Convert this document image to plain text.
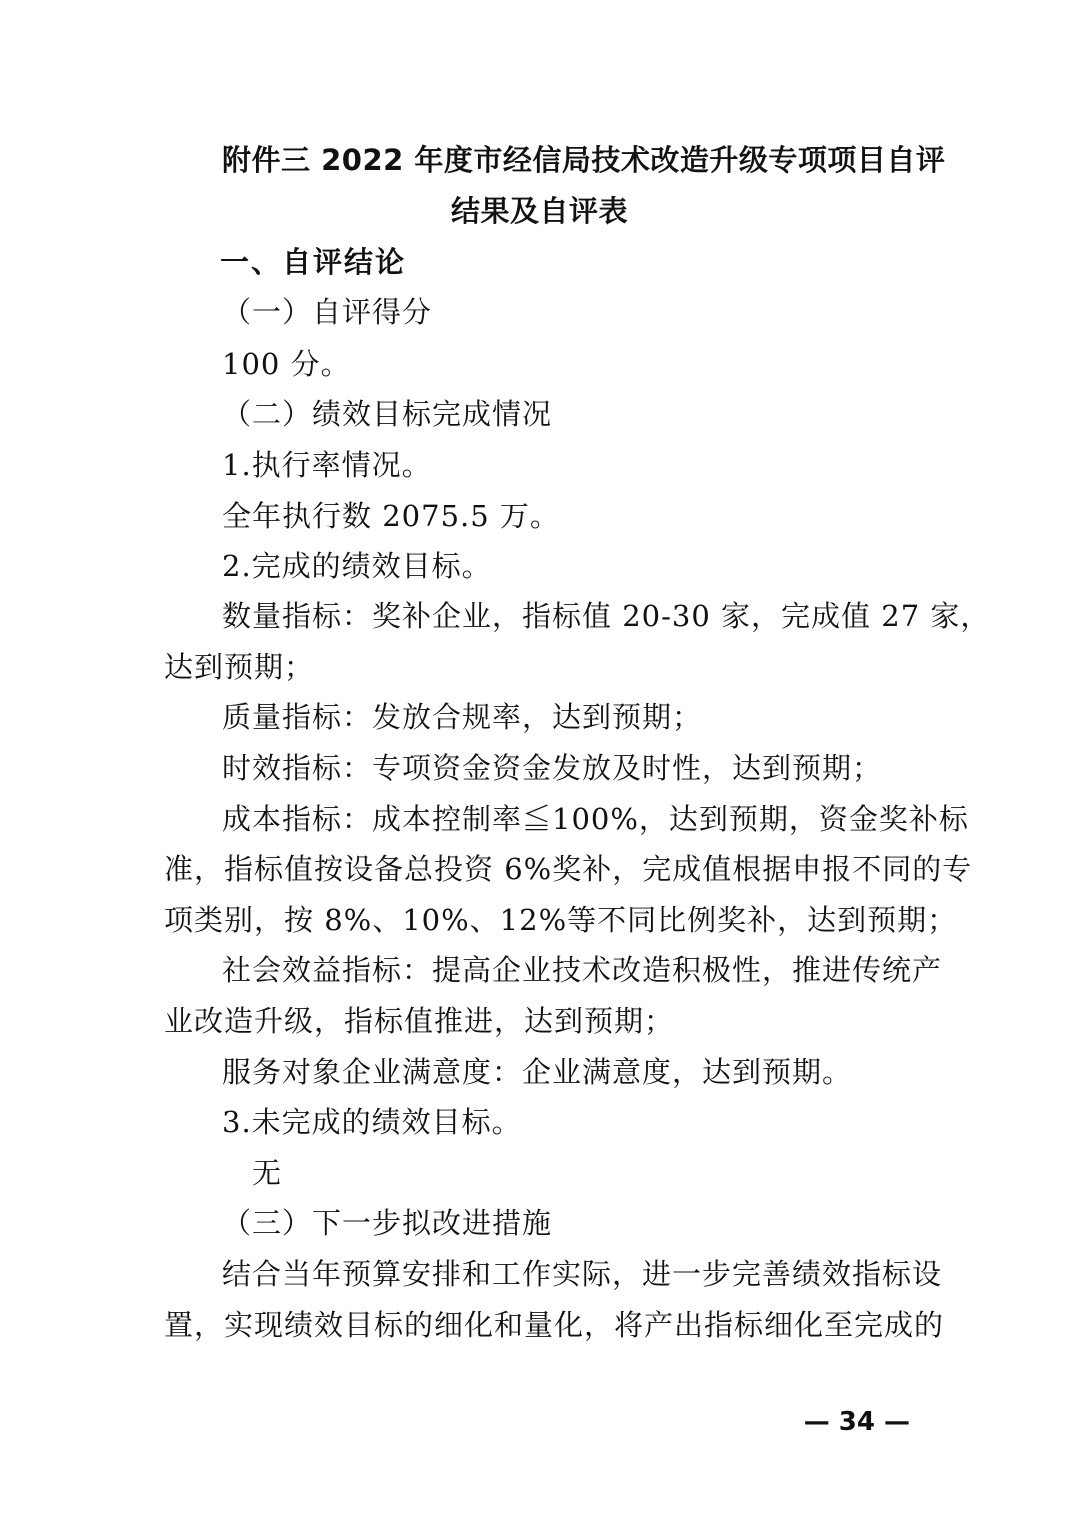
附件三 2022 年度市经信局技术改造升级专项项目自评
结果及自评表
一、自评结论
（一）自评得分
100 分。
（二）绩效目标完成情况
1.执行率情况。
全年执行数 2075.5 万。
2.完成的绩效目标。
数量指标：奖补企业，指标值 20-30 家，完成值 27 家，
达到预期；
质量指标：发放合规率，达到预期；
时效指标：专项资金资金发放及时性，达到预期；
成本指标：成本控制率≦100%，达到预期，资金奖补标
准，指标值按设备总投资 6%奖补，完成值根据申报不同的专
项类别，按 8%、10%、12%等不同比例奖补，达到预期；
社会效益指标：提高企业技术改造积极性，推进传统产
业改造升级，指标值推进，达到预期；
服务对象企业满意度：企业满意度，达到预期。
3.未完成的绩效目标。
无
（三）下一步拟改进措施
结合当年预算安排和工作实际，进一步完善绩效指标设
置，实现绩效目标的细化和量化，将产出指标细化至完成的
— 34 —
